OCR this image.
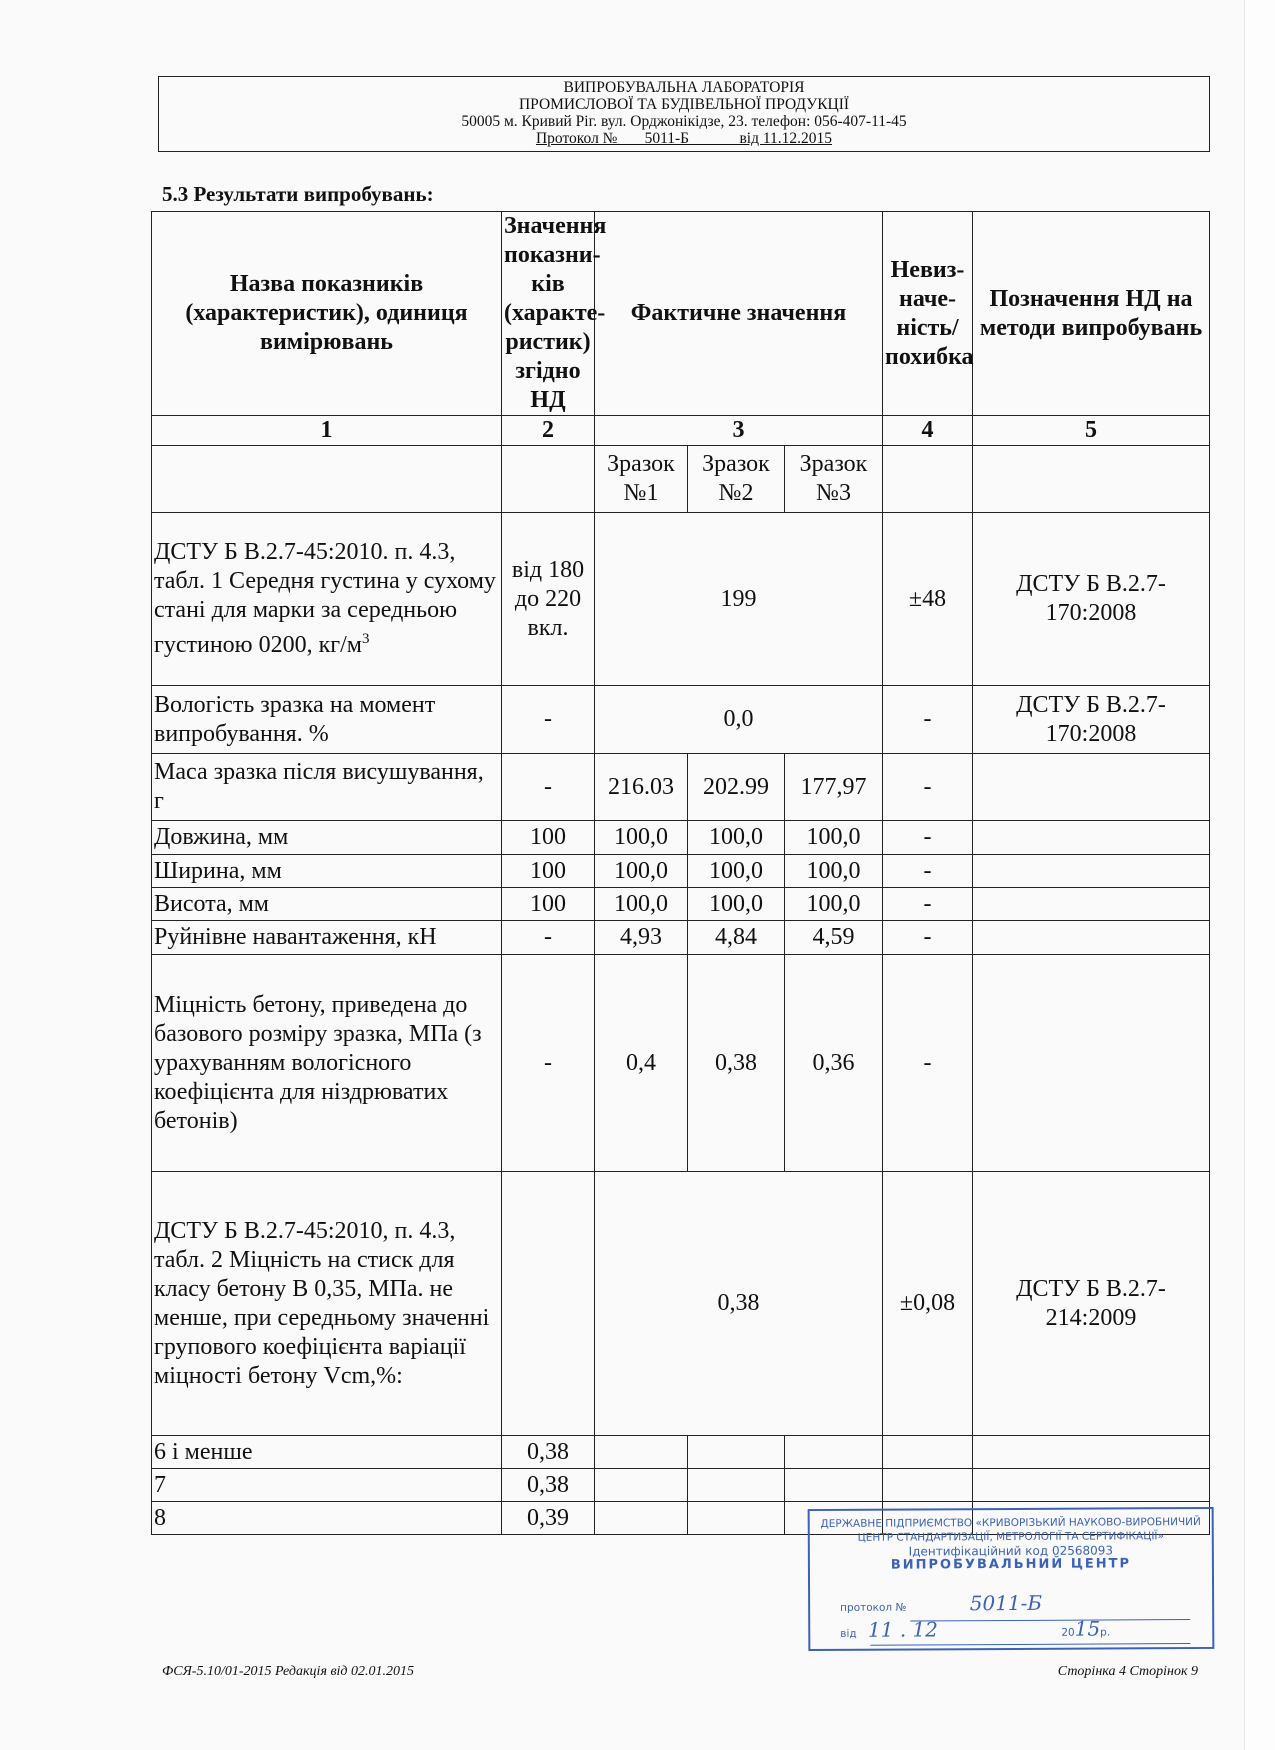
ВИПРОБУВАЛЬНА ЛАБОРАТОРІЯ
ПРОМИСЛОВОЇ ТА БУДІВЕЛЬНОЇ ПРОДУКЦІЇ
50005 м. Кривий Ріг. вул. Орджонікідзе, 23. телефон: 056-407-11-45
Протокол №       5011-Б _____  від 11.12.2015
5.3 Результати випробувань:
Назва показників (характеристик), одиниця вимірювань	Значення показни-ків (характе-ристик) згідно НД	Фактичне значення			Невиз-наче-ність/ похибка	Позначення НД на методи випробувань
1	2	3			4	5
		Зразок №1	Зразок №2	Зразок №3		
ДСТУ Б В.2.7-45:2010. п. 4.3, табл. 1 Середня густина у сухому стані для марки за середньою густиною 0200, $кг/м^3$	від 180 до 220 вкл.	199			±48	ДСТУ Б В.2.7-170:2008
Вологість зразка на момент випробування. %	-	0,0			-	ДСТУ Б В.2.7-170:2008
Маса зразка після висушування, г	-	216.03	202.99	177,97	-	
Довжина, мм	100	100,0	100,0	100,0	-	
Ширина, мм	100	100,0	100,0	100,0	-	
Висота, мм	100	100,0	100,0	100,0	-	
Руйнівне навантаження, кН	-	4,93	4,84	4,59	-	
Міцність бетону, приведена до базового розміру зразка, МПа (з урахуванням вологісного коефіцієнта для ніздрюватих бетонів)	-	0,4	0,38	0,36	-	
ДСТУ Б В.2.7-45:2010, п. 4.3, табл. 2 Міцність на стиск для класу бетону В 0,35, МПа. не менше, при середньому значенні групового коефіцієнта варіації міцності бетону Vcm,%:		0,38			±0,08	ДСТУ Б В.2.7-214:2009
6 і менше	0,38					
7	0,38					
8	0,39						ДЕРЖАВНЕ ПІДПРИЄМСТВО «КРИВОРІЗЬКИЙ НАУКОВО-ВИРОБНИЧИЙ
ЦЕНТР СТАНДАРТИЗАЦІЇ, МЕТРОЛОГІЇ ТА СЕРТИФІКАЦІЇ»
Ідентифікаційний код 02568093
ВИПРОБУВАЛЬНИЙ ЦЕНТР
протокол №	5011-Б
від 11 . 12	2015р.
ФСЯ-5.10/01-2015 Редакція від 02.01.2015	Сторінка 4 Сторінок 9
